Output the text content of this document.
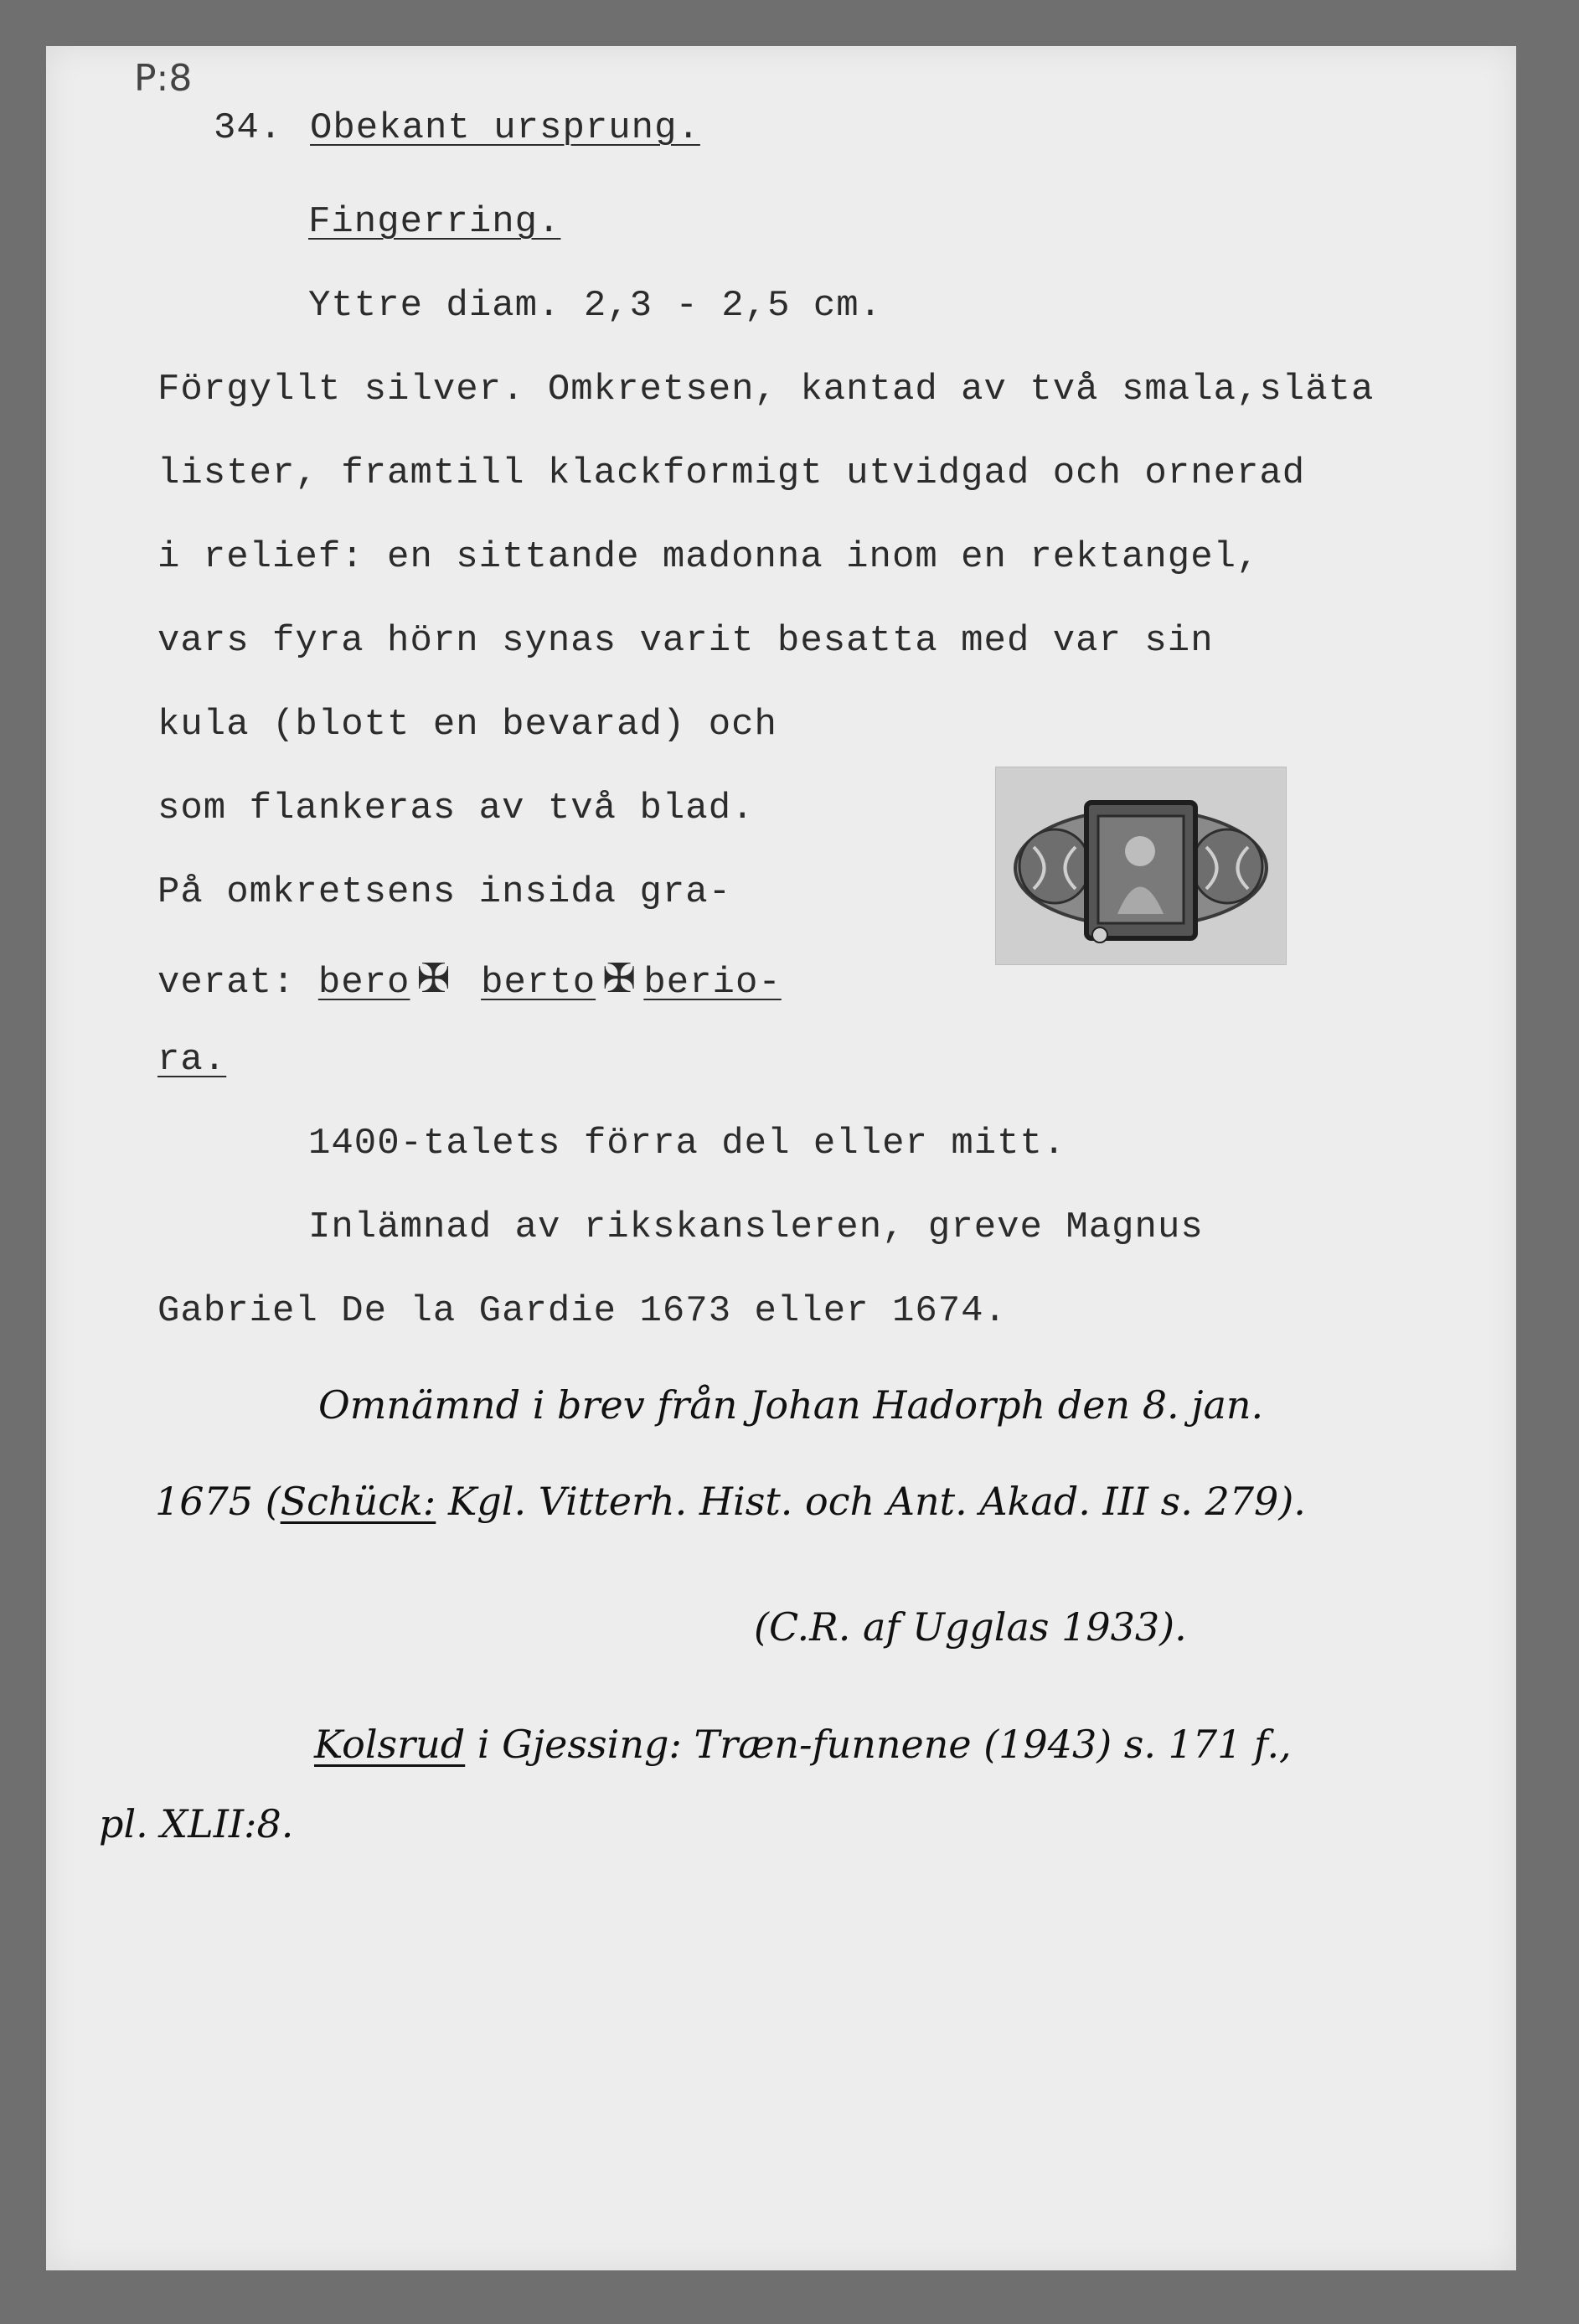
P:8
34. Obekant ursprung.
Fingerring.
Yttre diam. 2,3 - 2,5 cm.
Förgyllt silver. Omkretsen, kantad av två smala,släta
lister, framtill klackformigt utvidgad och ornerad
i relief: en sittande madonna inom en rektangel,
vars fyra hörn synas varit besatta med var sin
kula (blott en bevarad) och
som flankeras av två blad.
På omkretsens insida gra-
verat: bero ✠ berto ✠ berio-
ra.
1400-talets förra del eller mitt.
Inlämnad av rikskansleren, greve Magnus
Gabriel De la Gardie 1673 eller 1674.
Omnämnd i brev från Johan Hadorph den 8. jan.
1675 (Schück: Kgl. Vitterh. Hist. och Ant. Akad. III s. 279).
(C.R. af Ugglas 1933).
Kolsrud i Gjessing: Træn-funnene (1943) s. 171 f.,
pl. XLII:8.
